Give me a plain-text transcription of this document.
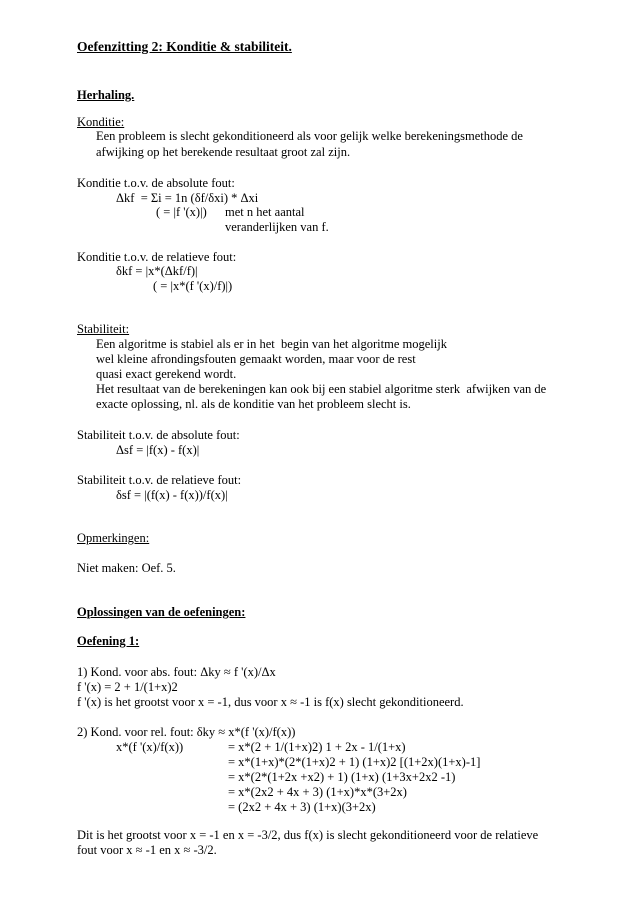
Oefenzitting 2: Konditie & stabiliteit.
Herhaling.
Konditie:
Een probleem is slecht gekonditioneerd als voor gelijk welke berekeningsmethode de
afwijking op het berekende resultaat groot zal zijn.
Konditie t.o.v. de absolute fout:
Δkf  = Σi = 1n (δf/δxi) * Δxi
( = |f '(x)|) met n het aantal
veranderlijken van f.
Konditie t.o.v. de relatieve fout:
δkf = |x*(Δkf/f)|
( = |x*(f '(x)/f)|)
Stabiliteit:
Een algoritme is stabiel als er in het  begin van het algoritme mogelijk
wel kleine afrondingsfouten gemaakt worden, maar voor de rest
quasi exact gerekend wordt.
Het resultaat van de berekeningen kan ook bij een stabiel algoritme sterk  afwijken van de
exacte oplossing, nl. als de konditie van het probleem slecht is.
Stabiliteit t.o.v. de absolute fout:
Δsf = |f(x) - f(x)|
Stabiliteit t.o.v. de relatieve fout:
δsf = |(f(x) - f(x))/f(x)|
Opmerkingen:
Niet maken: Oef. 5.
Oplossingen van de oefeningen:
Oefening 1:
1) Kond. voor abs. fout: Δky ≈ f '(x)/Δx
f '(x) = 2 + 1/(1+x)2
f '(x) is het grootst voor x = -1, dus voor x ≈ -1 is f(x) slecht gekonditioneerd.
2) Kond. voor rel. fout: δky ≈ x*(f '(x)/f(x))
x*(f '(x)/f(x))	= x*(2 + 1/(1+x)2) 1 + 2x - 1/(1+x)
= x*(1+x)*(2*(1+x)2 + 1) (1+x)2 [(1+2x)(1+x)-1]
= x*(2*(1+2x +x2) + 1) (1+x) (1+3x+2x2 -1)
= x*(2x2 + 4x + 3) (1+x)*x*(3+2x)
= (2x2 + 4x + 3) (1+x)(3+2x)
Dit is het grootst voor x = -1 en x = -3/2, dus f(x) is slecht gekonditioneerd voor de relatieve
fout voor x ≈ -1 en x ≈ -3/2.
